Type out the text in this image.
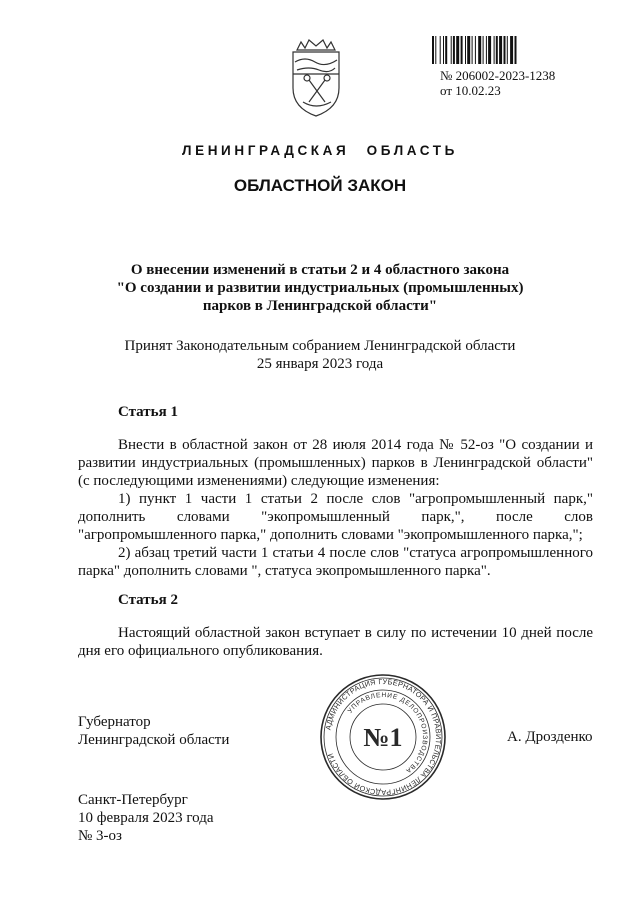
№ 206002-2023-1238
от 10.02.23
ЛЕНИНГРАДСКАЯ ОБЛАСТЬ
ОБЛАСТНОЙ ЗАКОН
О внесении изменений в статьи 2 и 4 областного закона
"О создании и развитии индустриальных (промышленных)
парков в Ленинградской области"
Принят Законодательным собранием Ленинградской области
25 января 2023 года
Статья 1

Внести в областной закон от 28 июля 2014 года № 52-оз "О создании и развитии индустриальных (промышленных) парков в Ленинградской области" (с последующими изменениями) следующие изменения:

1) пункт 1 части 1 статьи 2 после слов "агропромышленный парк," дополнить словами "экопромышленный парк,", после слов "агропромышленного парка," дополнить словами "экопромышленного парка,";

2) абзац третий части 1 статьи 4 после слов "статуса агропромышленного парка" дополнить словами ", статуса экопромышленного парка".

Статья 2

Настоящий областной закон вступает в силу по истечении 10 дней после дня его официального опубликования.

Губернатор
Ленинградской области
АДМИНИСТРАЦИЯ ГУБЕРНАТОРА И ПРАВИТЕЛЬСТВА ЛЕНИНГРАДСКОЙ ОБЛАСТИ
УПРАВЛЕНИЕ ДЕЛОПРОИЗВОДСТВА
№1	А. Дрозденко
Санкт-Петербург
10 февраля 2023 года
№ 3-оз
